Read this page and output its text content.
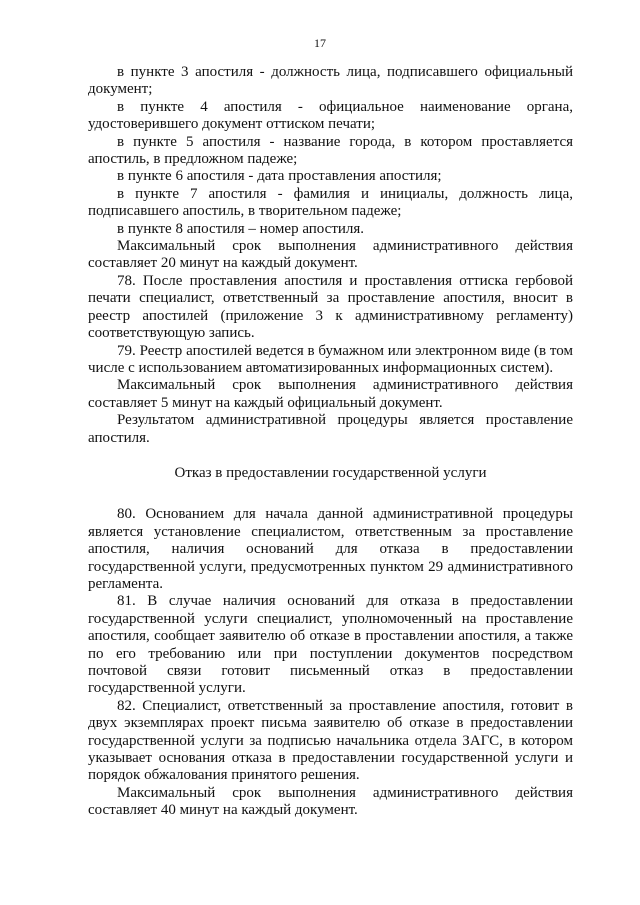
17

в пункте 3 апостиля - должность лица, подписавшего официальный документ;

в пункте 4 апостиля - официальное наименование органа, удостоверившего документ оттиском печати;

в пункте 5 апостиля - название города, в котором проставляется апостиль, в предложном падеже;

в пункте 6 апостиля - дата проставления апостиля;

в пункте 7 апостиля - фамилия и инициалы, должность лица, подписавшего апостиль, в творительном падеже;

в пункте 8 апостиля – номер апостиля.

Максимальный срок выполнения административного действия составляет 20 минут на каждый документ.

78. После проставления апостиля и проставления оттиска гербовой печати специалист, ответственный за проставление апостиля, вносит в реестр апостилей (приложение 3 к административному регламенту) соответствующую запись.

79. Реестр апостилей ведется в бумажном или электронном виде (в том числе с использованием автоматизированных информационных систем).

Максимальный срок выполнения административного действия составляет 5 минут на каждый официальный документ.

Результатом административной процедуры является проставление апостиля.

Отказ в предоставлении государственной услуги

80. Основанием для начала данной административной процедуры является установление специалистом, ответственным за проставление апостиля, наличия оснований для отказа в предоставлении государственной услуги, предусмотренных пунктом 29 административного регламента.

81. В случае наличия оснований для отказа в предоставлении государственной услуги специалист, уполномоченный на проставление апостиля, сообщает заявителю об отказе в проставлении апостиля, а также по его требованию или при поступлении документов посредством почтовой связи готовит письменный отказ в предоставлении государственной услуги.

82. Специалист, ответственный за проставление апостиля, готовит в двух экземплярах проект письма заявителю об отказе в предоставлении государственной услуги за подписью начальника отдела ЗАГС, в котором указывает основания отказа в предоставлении государственной услуги и порядок обжалования принятого решения.

Максимальный срок выполнения административного действия составляет 40 минут на каждый документ.
